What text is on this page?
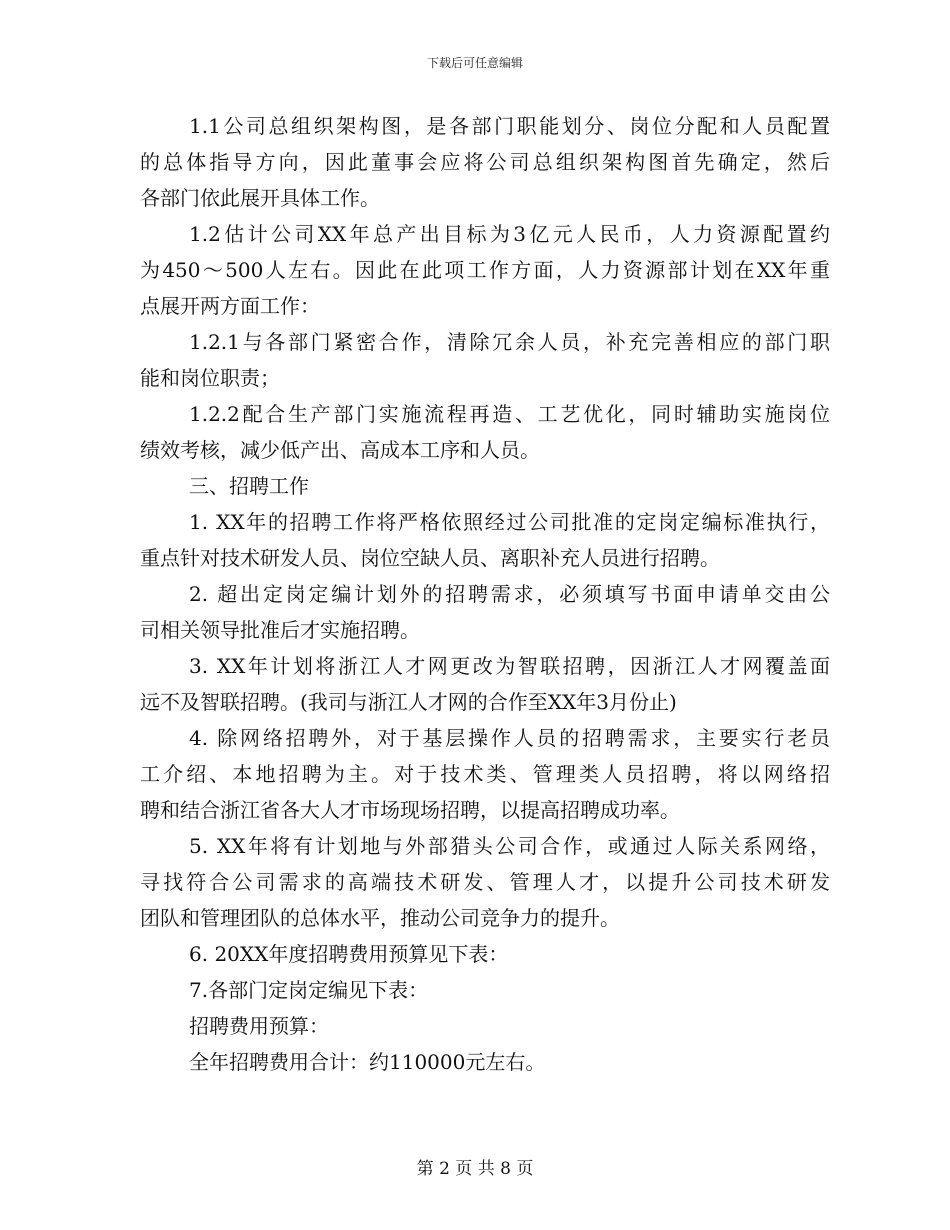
下载后可任意编辑
1.1公司总组织架构图，是各部门职能划分、岗位分配和人员配置
的总体指导方向，因此董事会应将公司总组织架构图首先确定，然后
各部门依此展开具体工作。
1.2估计公司XX年总产出目标为3亿元人民币，人力资源配置约
为450～500人左右。因此在此项工作方面，人力资源部计划在XX年重
点展开两方面工作：
1.2.1与各部门紧密合作，清除冗余人员，补充完善相应的部门职
能和岗位职责；
1.2.2配合生产部门实施流程再造、工艺优化，同时辅助实施岗位
绩效考核，减少低产出、高成本工序和人员。
三、招聘工作
1. XX年的招聘工作将严格依照经过公司批准的定岗定编标准执行，
重点针对技术研发人员、岗位空缺人员、离职补充人员进行招聘。
2. 超出定岗定编计划外的招聘需求，必须填写书面申请单交由公
司相关领导批准后才实施招聘。
3. XX年计划将浙江人才网更改为智联招聘，因浙江人才网覆盖面
远不及智联招聘。(我司与浙江人才网的合作至XX年3月份止)
4. 除网络招聘外，对于基层操作人员的招聘需求，主要实行老员
工介绍、本地招聘为主。对于技术类、管理类人员招聘，将以网络招
聘和结合浙江省各大人才市场现场招聘，以提高招聘成功率。
5. XX年将有计划地与外部猎头公司合作，或通过人际关系网络，
寻找符合公司需求的高端技术研发、管理人才，以提升公司技术研发
团队和管理团队的总体水平，推动公司竞争力的提升。
6. 20XX年度招聘费用预算见下表：
7.各部门定岗定编见下表：
招聘费用预算：
全年招聘费用合计：约110000元左右。
第 2 页 共 8 页
